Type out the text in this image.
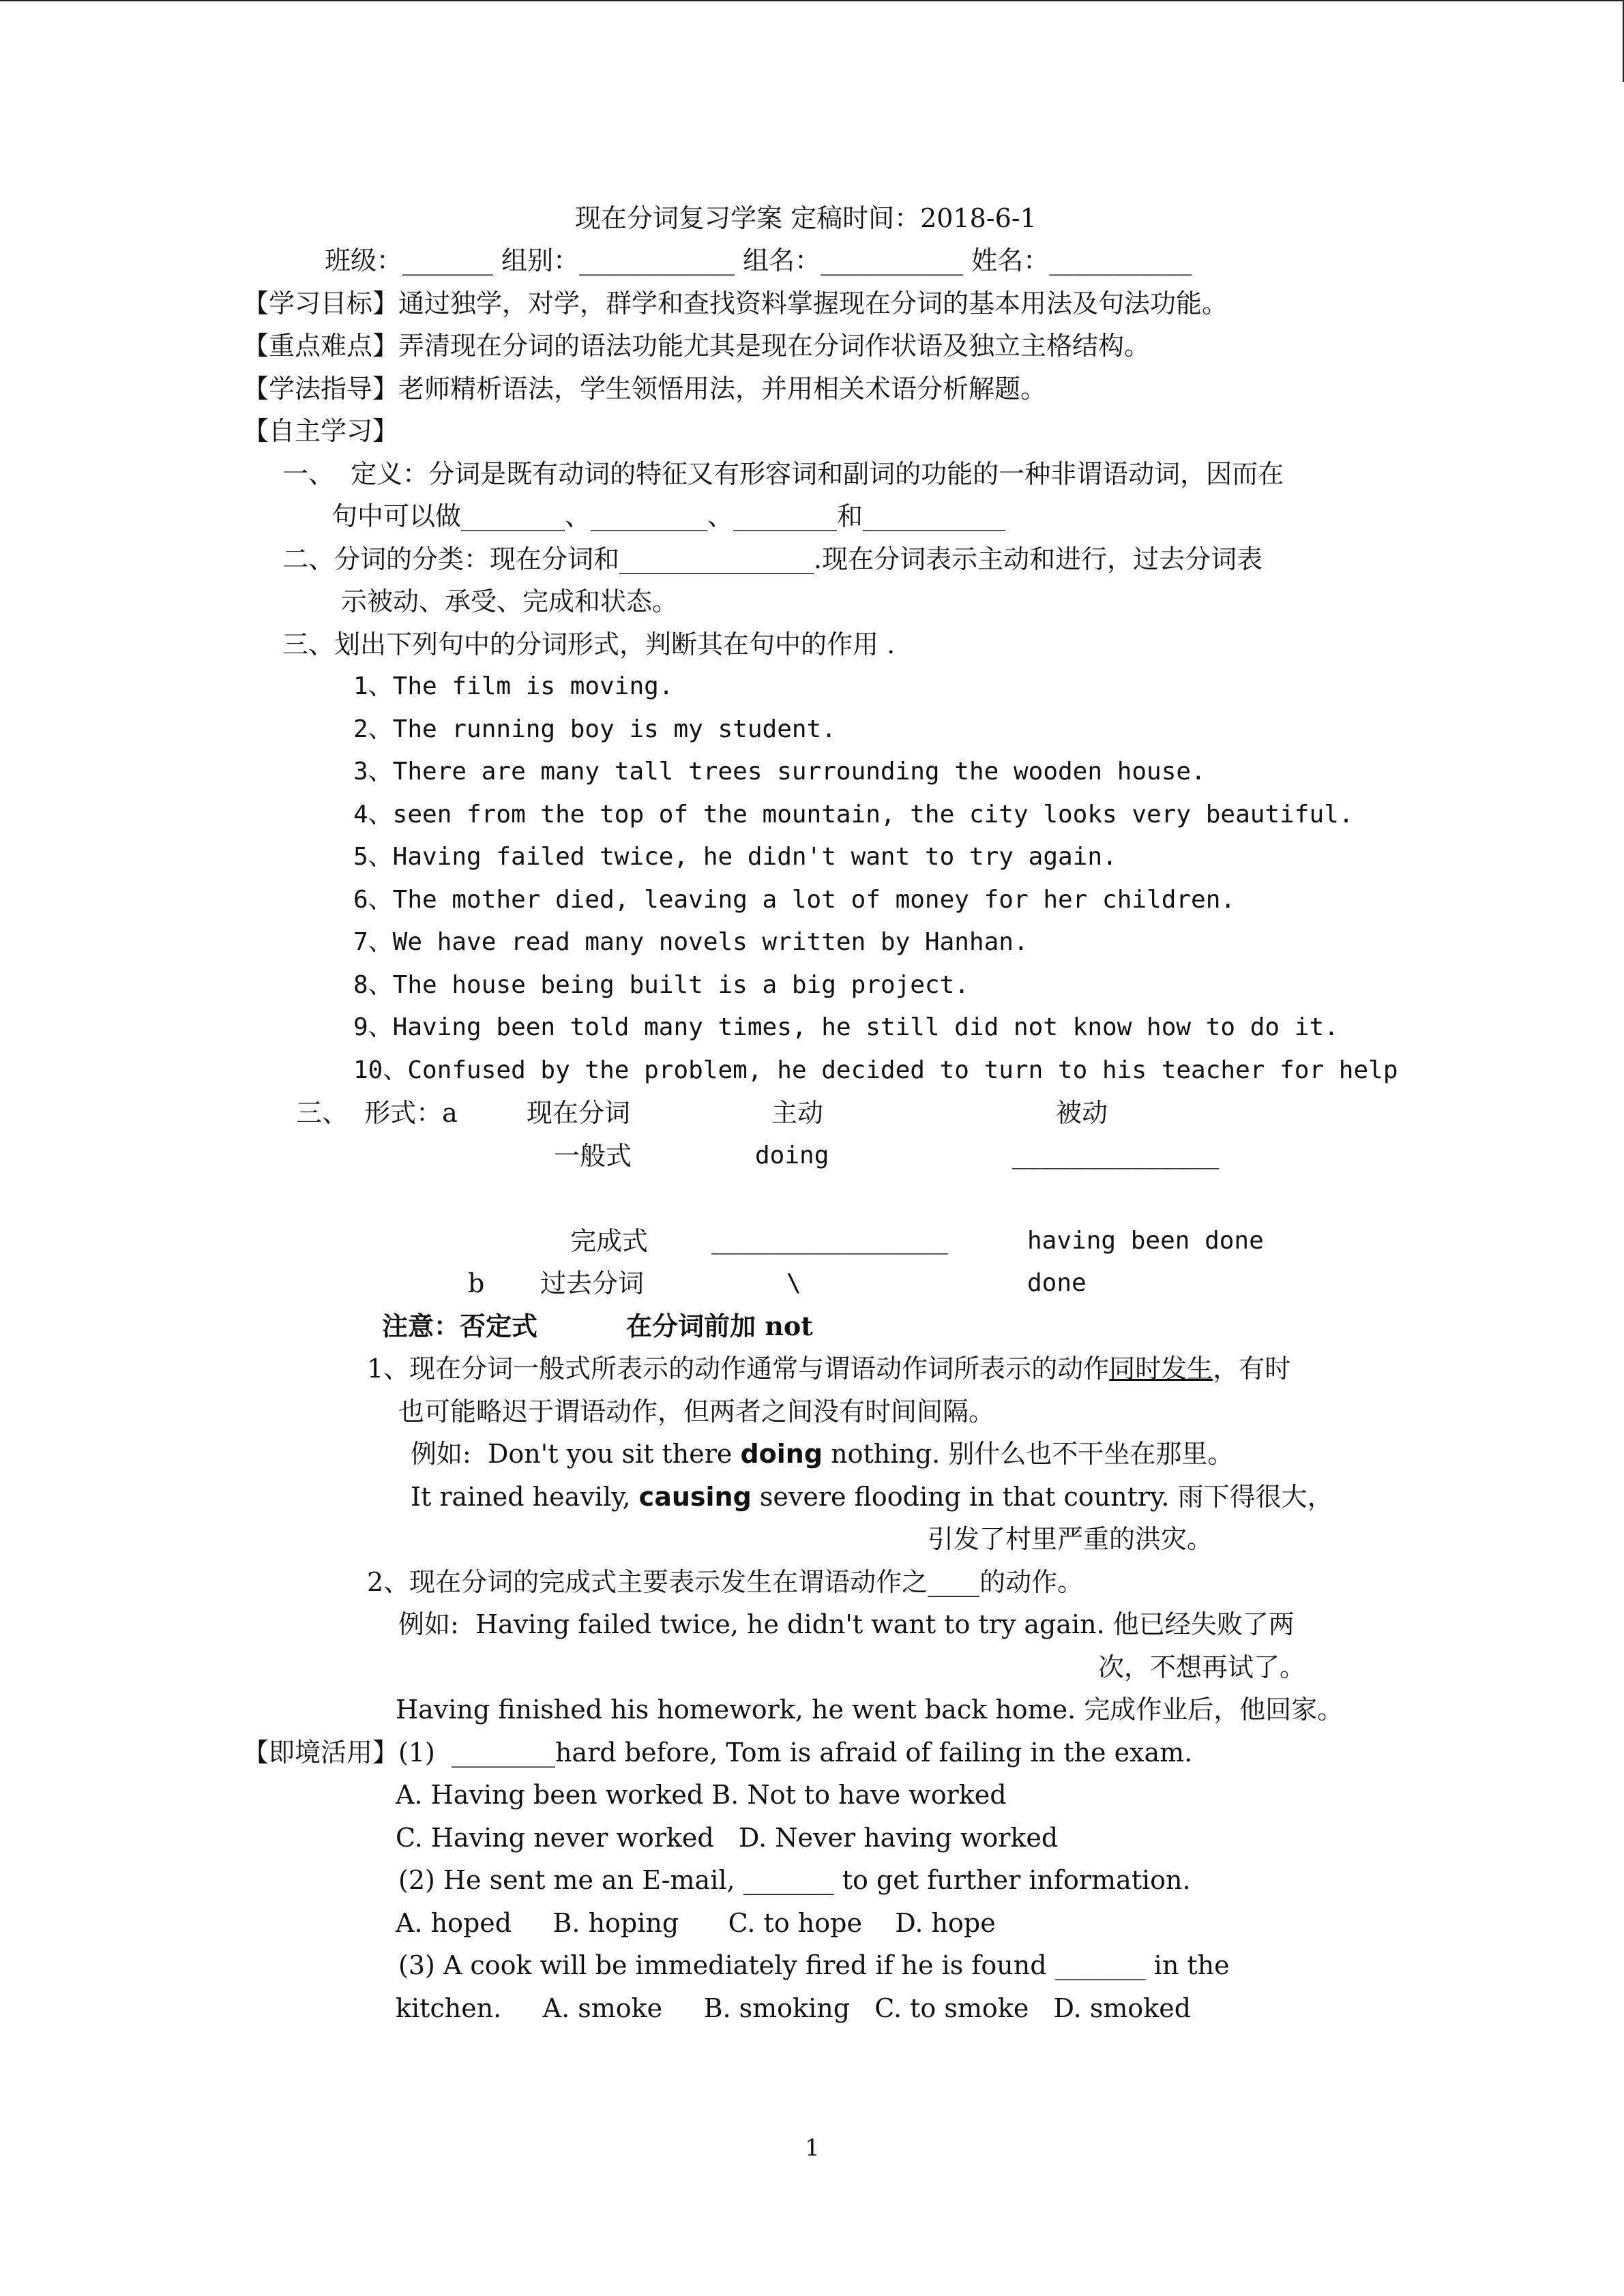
现在分词复习学案 定稿时间：2018-6-1
班级：_______ 组别：____________ 组名：___________ 姓名：___________
【学习目标】通过独学，对学，群学和查找资料掌握现在分词的基本用法及句法功能。
【重点难点】弄清现在分词的语法功能尤其是现在分词作状语及独立主格结构。
【学法指导】老师精析语法，学生领悟用法，并用相关术语分析解题。
【自主学习】
一、  定义：分词是既有动词的特征又有形容词和副词的功能的一种非谓语动词，因而在
句中可以做________、_________、________和___________
二、分词的分类：现在分词和_______________.现在分词表示主动和进行，过去分词表
示被动、承受、完成和状态。
三、划出下列句中的分词形式，判断其在句中的作用 .
1、The film is moving.
2、The running boy is my student.
3、There are many tall trees surrounding the wooden house.
4、seen from the top of the mountain, the city looks very beautiful.
5、Having failed twice, he didn't want to try again.
6、The mother died, leaving a lot of money for her children.
7、We have read many novels written by Hanhan.
8、The house being built is a big project.
9、Having been told many times, he still did not know how to do it.
10、Confused by the problem, he decided to turn to his teacher for help
三、  形式：a	现在分词	主动	被动
一般式	doing	______________
完成式	________________	having been done
b 过去分词	\	done
注意：否定式	在分词前加 not
1、现在分词一般式所表示的动作通常与谓语动作词所表示的动作同时发生，有时
也可能略迟于谓语动作，但两者之间没有时间间隔。
例如:  Don't you sit there doing nothing. 别什么也不干坐在那里。
It rained heavily, causing severe flooding in that country. 雨下得很大，
引发了村里严重的洪灾。
2、现在分词的完成式主要表示发生在谓语动作之____的动作。
例如:  Having failed twice, he didn't want to try again. 他已经失败了两
次，不想再试了。
Having finished his homework, he went back home. 完成作业后，他回家。
【即境活用】(1)  ________hard before, Tom is afraid of failing in the exam.
A. Having been worked B. Not to have worked
C. Having never worked   D. Never having worked
(2) He sent me an E-mail, _______ to get further information.
A. hoped     B. hoping      C. to hope    D. hope
(3) A cook will be immediately fired if he is found _______ in the
kitchen.     A. smoke     B. smoking   C. to smoke   D. smoked
1
